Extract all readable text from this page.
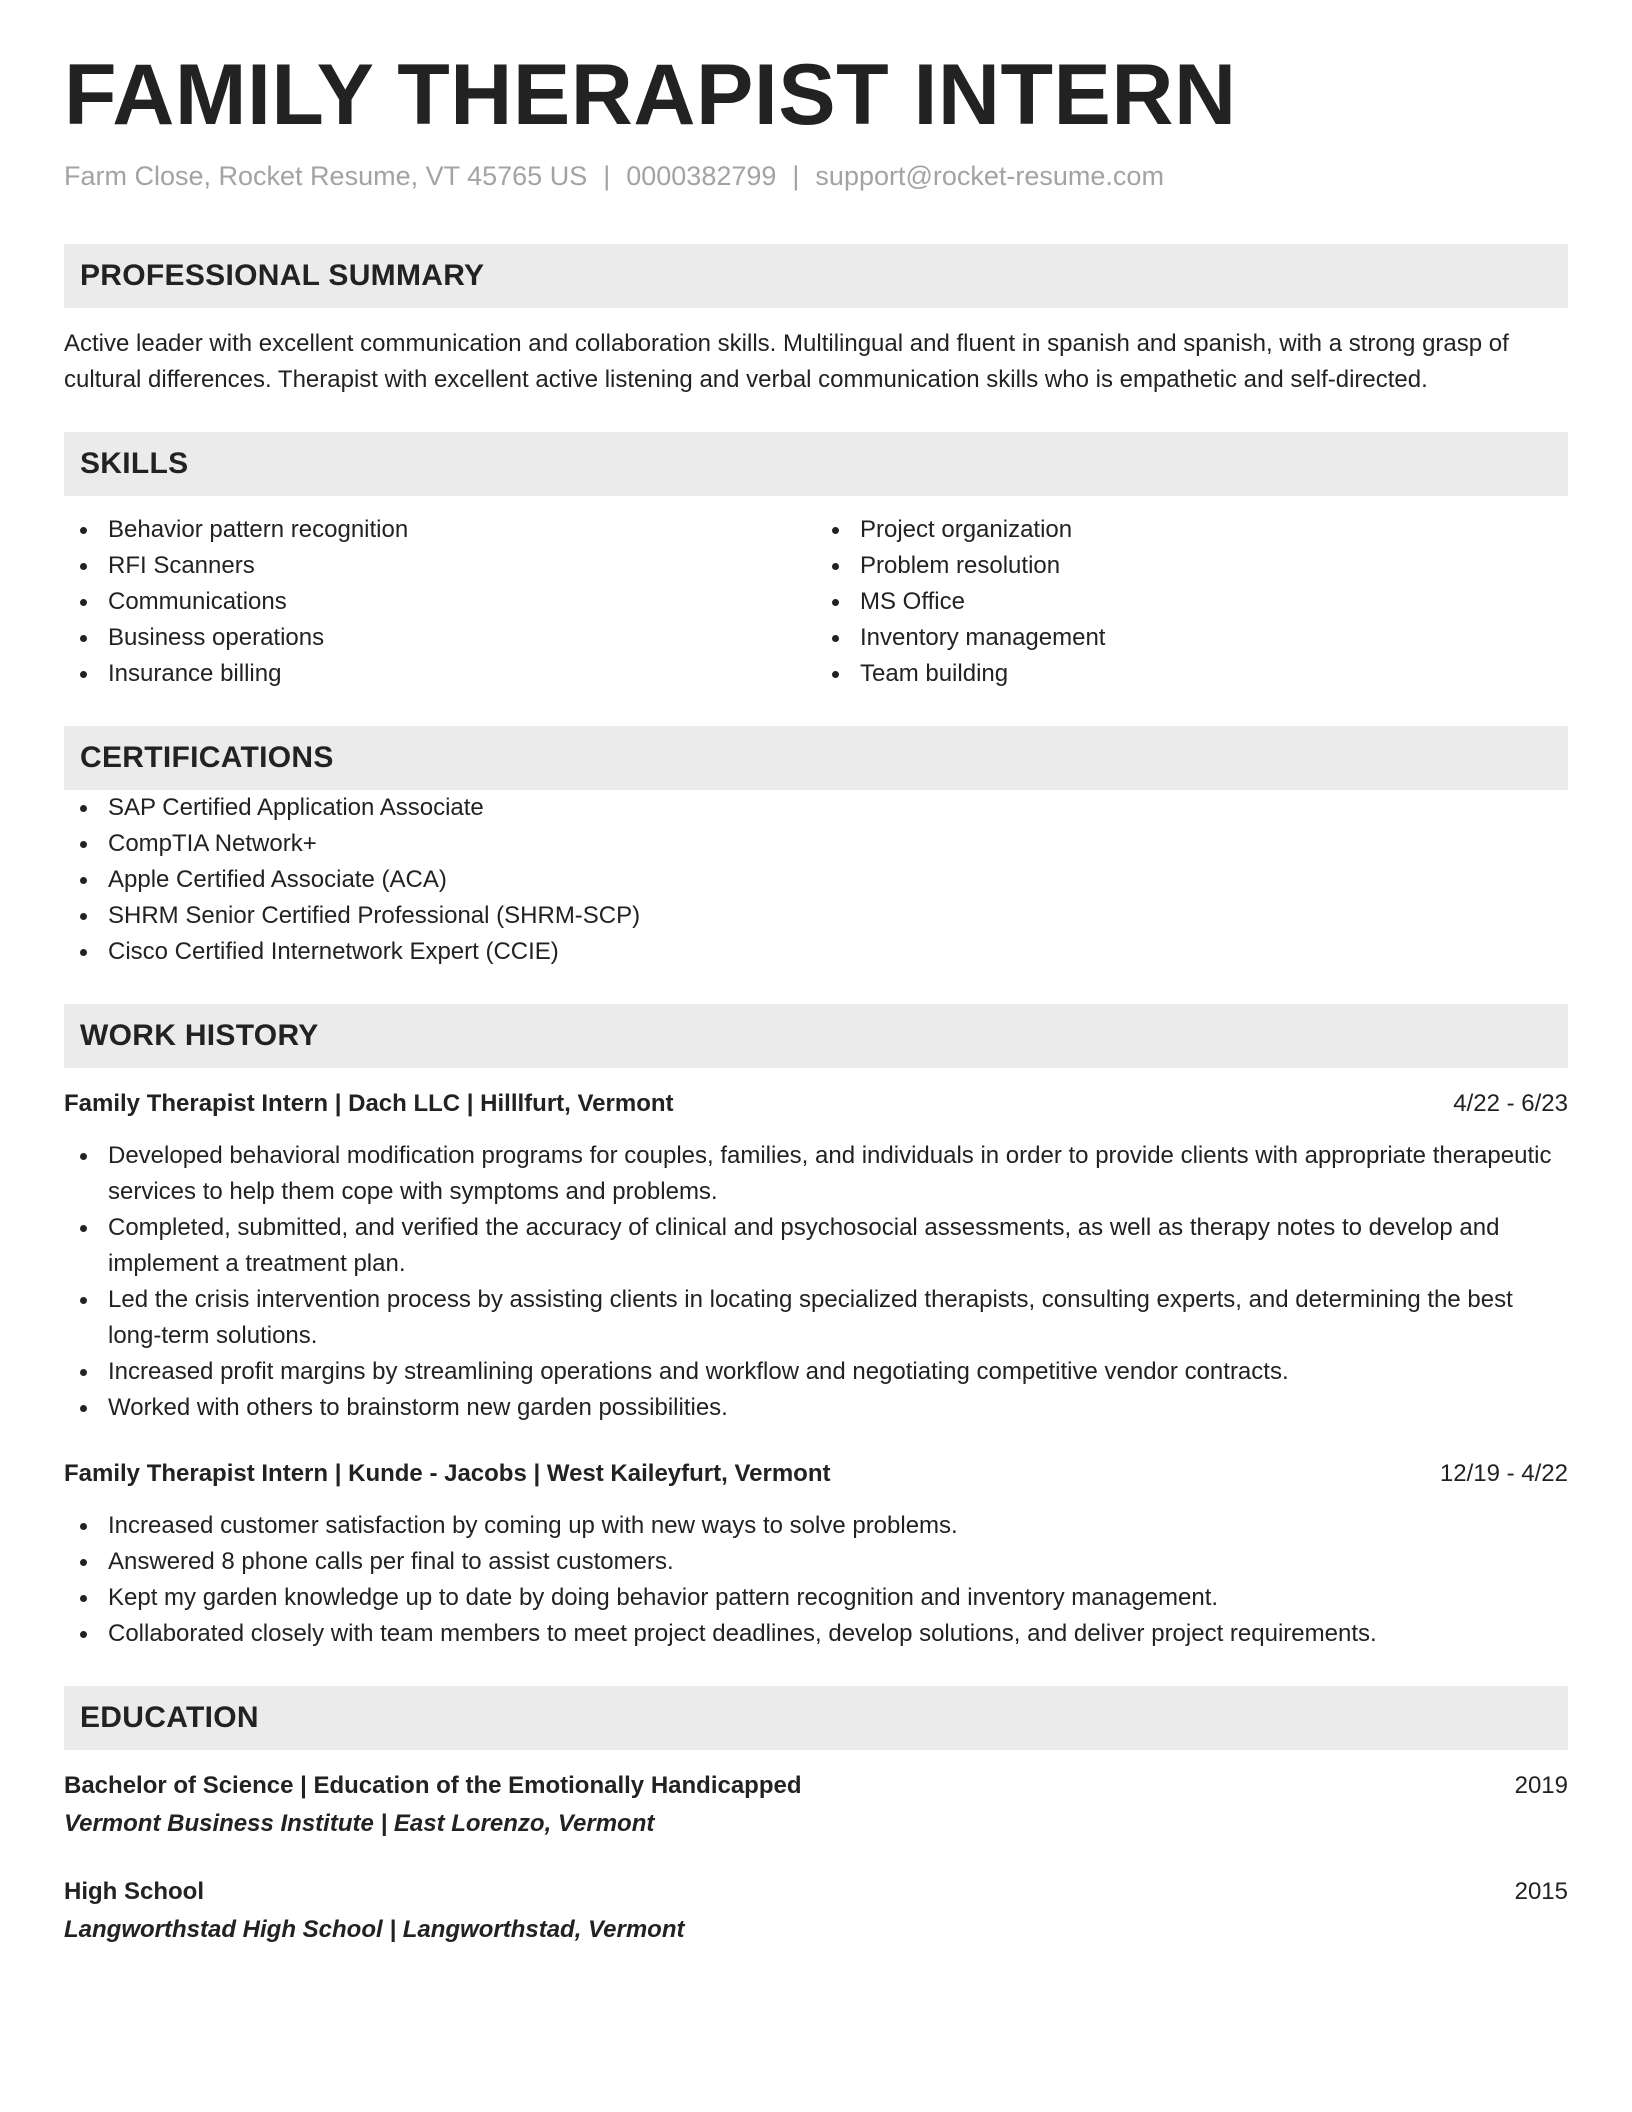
FAMILY THERAPIST INTERN
Farm Close, Rocket Resume, VT 45765 US | 0000382799 | support@rocket-resume.com
PROFESSIONAL SUMMARY
Active leader with excellent communication and collaboration skills. Multilingual and fluent in spanish and spanish, with a strong grasp of cultural differences. Therapist with excellent active listening and verbal communication skills who is empathetic and self-directed.
SKILLS
Behavior pattern recognition
RFI Scanners
Communications
Business operations
Insurance billing
Project organization
Problem resolution
MS Office
Inventory management
Team building
CERTIFICATIONS
SAP Certified Application Associate
CompTIA Network+
Apple Certified Associate (ACA)
SHRM Senior Certified Professional (SHRM-SCP)
Cisco Certified Internetwork Expert (CCIE)
WORK HISTORY
Family Therapist Intern | Dach LLC | Hilllfurt, Vermont	4/22 - 6/23
Developed behavioral modification programs for couples, families, and individuals in order to provide clients with appropriate therapeutic services to help them cope with symptoms and problems.
Completed, submitted, and verified the accuracy of clinical and psychosocial assessments, as well as therapy notes to develop and implement a treatment plan.
Led the crisis intervention process by assisting clients in locating specialized therapists, consulting experts, and determining the best long-term solutions.
Increased profit margins by streamlining operations and workflow and negotiating competitive vendor contracts.
Worked with others to brainstorm new garden possibilities.
Family Therapist Intern | Kunde - Jacobs | West Kaileyfurt, Vermont	12/19 - 4/22
Increased customer satisfaction by coming up with new ways to solve problems.
Answered 8 phone calls per final to assist customers.
Kept my garden knowledge up to date by doing behavior pattern recognition and inventory management.
Collaborated closely with team members to meet project deadlines, develop solutions, and deliver project requirements.
EDUCATION
Bachelor of Science | Education of the Emotionally Handicapped	2019
Vermont Business Institute | East Lorenzo, Vermont
High School	2015
Langworthstad High School | Langworthstad, Vermont
